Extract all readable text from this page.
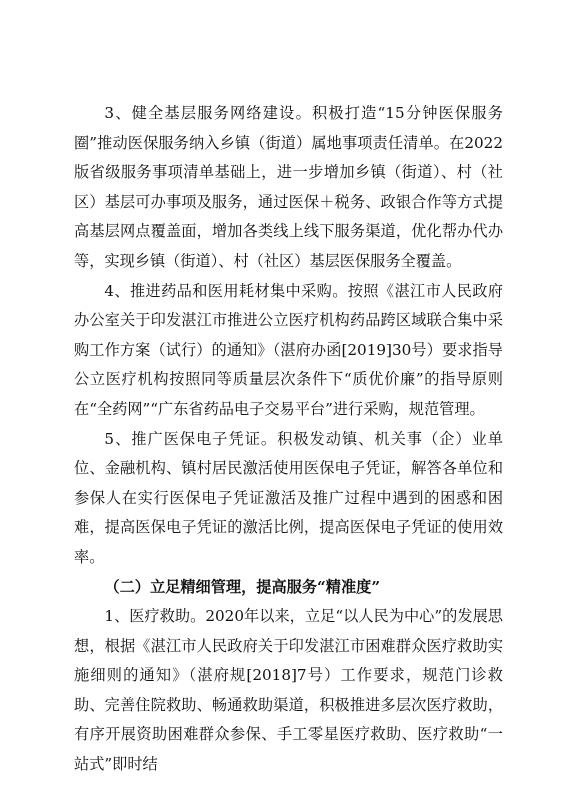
3、健全基层服务网络建设。积极打造“15分钟医保服务圈”推动医保服务纳入乡镇（街道）属地事项责任清单。在2022版省级服务事项清单基础上，进一步增加乡镇（街道）、村（社区）基层可办事项及服务，通过医保＋税务、政银合作等方式提高基层网点覆盖面，增加各类线上线下服务渠道，优化帮办代办等，实现乡镇（街道）、村（社区）基层医保服务全覆盖。

4、推进药品和医用耗材集中采购。按照《湛江市人民政府办公室关于印发湛江市推进公立医疗机构药品跨区域联合集中采购工作方案（试行）的通知》（湛府办函[2019]30号）要求指导公立医疗机构按照同等质量层次条件下“质优价廉”的指导原则在“全药网”“广东省药品电子交易平台”进行采购，规范管理。

5、推广医保电子凭证。积极发动镇、机关事（企）业单位、金融机构、镇村居民激活使用医保电子凭证，解答各单位和参保人在实行医保电子凭证激活及推广过程中遇到的困惑和困难，提高医保电子凭证的激活比例，提高医保电子凭证的使用效率。

（二）立足精细管理，提高服务“精准度”

1、医疗救助。2020年以来，立足“以人民为中心”的发展思想，根据《湛江市人民政府关于印发湛江市困难群众医疗救助实施细则的通知》（湛府规[2018]7号）工作要求，规范门诊救助、完善住院救助、畅通救助渠道，积极推进多层次医疗救助，有序开展资助困难群众参保、手工零星医疗救助、医疗救助“一站式”即时结
